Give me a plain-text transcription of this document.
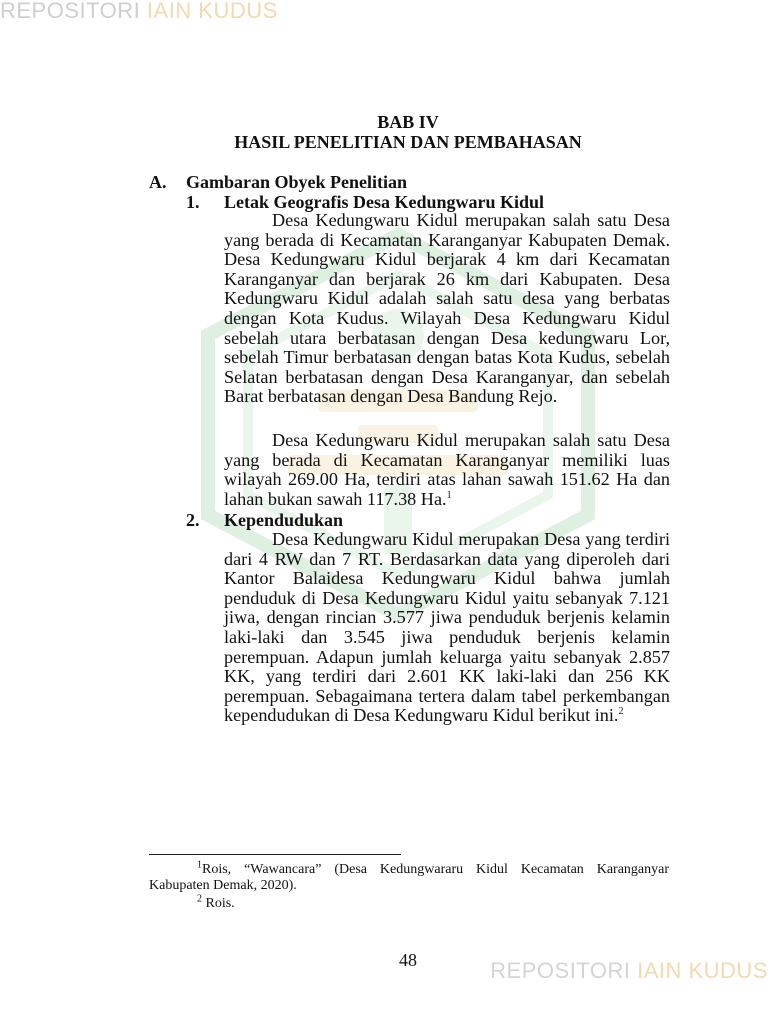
REPOSITORI IAIN KUDUS
BAB IV
HASIL PENELITIAN DAN PEMBAHASAN
A. Gambaran Obyek Penelitian
1. Letak Geografis Desa Kedungwaru Kidul
Desa Kedungwaru Kidul merupakan salah satu Desa yang berada di Kecamatan Karanganyar Kabupaten Demak. Desa Kedungwaru Kidul berjarak 4 km dari Kecamatan Karanganyar dan berjarak 26 km dari Kabupaten. Desa Kedungwaru Kidul adalah salah satu desa yang berbatas dengan Kota Kudus. Wilayah Desa Kedungwaru Kidul sebelah utara berbatasan dengan Desa kedungwaru Lor, sebelah Timur berbatasan dengan batas Kota Kudus, sebelah Selatan berbatasan dengan Desa Karanganyar, dan sebelah Barat berbatasan dengan Desa Bandung Rejo.
Desa Kedungwaru Kidul merupakan salah satu Desa yang berada di Kecamatan Karanganyar memiliki luas wilayah 269.00 Ha, terdiri atas lahan sawah 151.62 Ha dan lahan bukan sawah 117.38 Ha.$^1$
2. Kependudukan
Desa Kedungwaru Kidul merupakan Desa yang terdiri dari 4 RW dan 7 RT. Berdasarkan data yang diperoleh dari Kantor Balaidesa Kedungwaru Kidul bahwa jumlah penduduk di Desa Kedungwaru Kidul yaitu sebanyak 7.121 jiwa, dengan rincian 3.577 jiwa penduduk berjenis kelamin laki-laki dan 3.545 jiwa penduduk berjenis kelamin perempuan. Adapun jumlah keluarga yaitu sebanyak 2.857 KK, yang terdiri dari 2.601 KK laki-laki dan 256 KK perempuan. Sebagaimana tertera dalam tabel perkembangan kependudukan di Desa Kedungwaru Kidul berikut ini.$^2$
$^1$Rois, “Wawancara” (Desa Kedungwararu Kidul Kecamatan Karanganyar Kabupaten Demak, 2020).
$^2$ Rois.
48	REPOSITORI IAIN KUDUS
